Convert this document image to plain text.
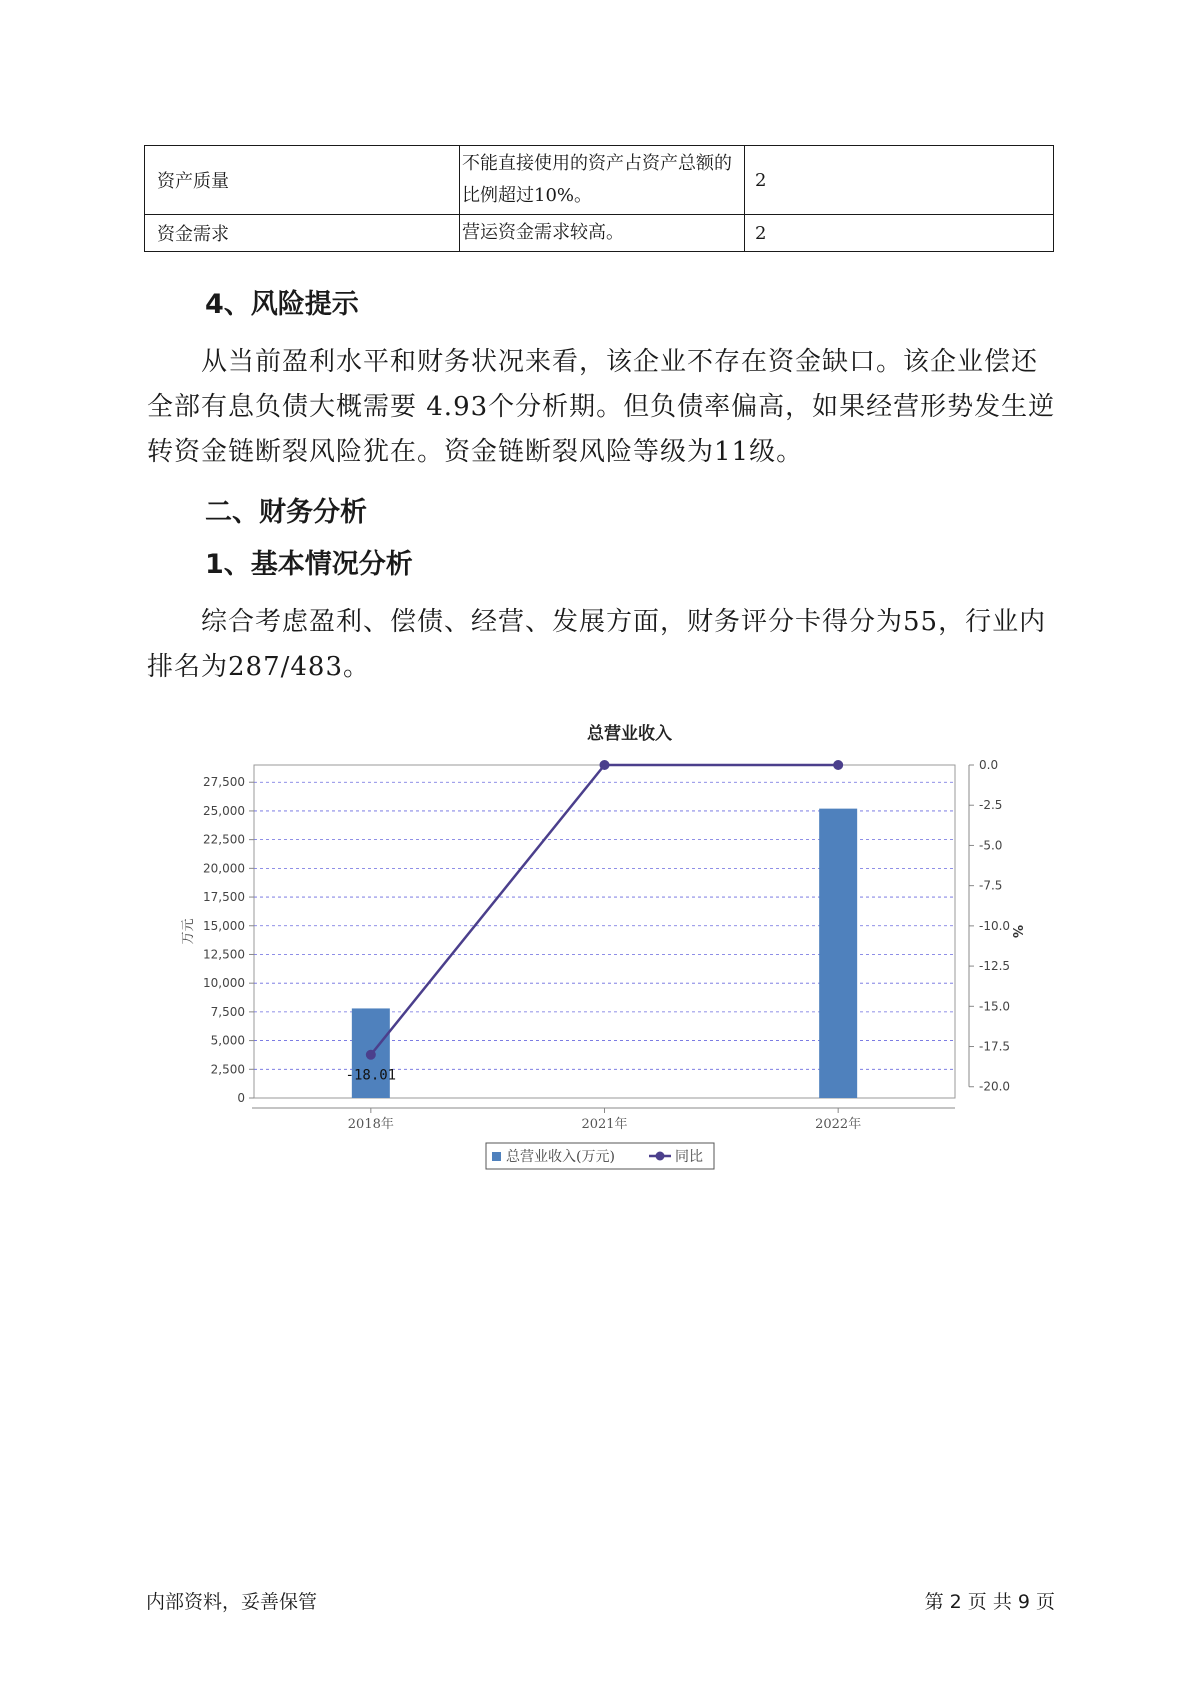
资产质量	不能直接使用的资产占资产总额的比例超过10%。	2
资金需求	营运资金需求较高。	2
4、风险提示
从当前盈利水平和财务状况来看，该企业不存在资金缺口。该企业偿还全部有息负债大概需要 4.93个分析期。但负债率偏高，如果经营形势发生逆转资金链断裂风险犹在。资金链断裂风险等级为11级。
二、财务分析
1、基本情况分析
综合考虑盈利、偿债、经营、发展方面，财务评分卡得分为55，行业内排名为287/483。
总营业收入
0
2,500
5,000
7,500
10,000
12,500
15,000
17,500
20,000
22,500
25,000
27,500
万元
0.0
-2.5
-5.0
-7.5
-10.0
-12.5
-15.0
-17.5
-20.0
%
2018年	2021年	2022年
-18.01
总营业收入(万元)	同比
内部资料，妥善保管	第 2 页 共 9 页
